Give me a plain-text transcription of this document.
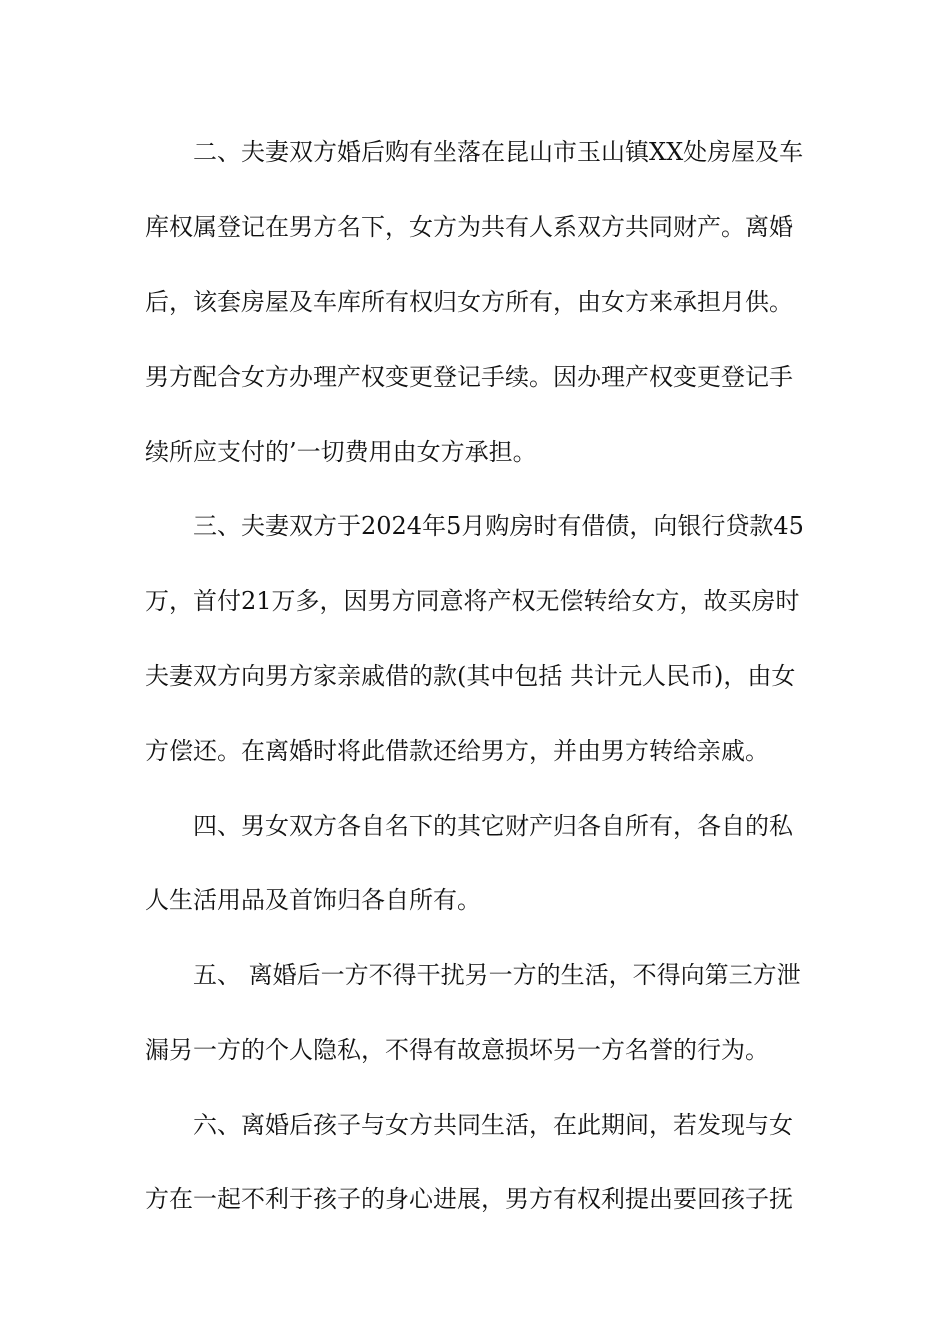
二、夫妻双方婚后购有坐落在昆山市玉山镇XX处房屋及车
库权属登记在男方名下，女方为共有人系双方共同财产。离婚
后，该套房屋及车库所有权归女方所有，由女方来承担月供。
男方配合女方办理产权变更登记手续。因办理产权变更登记手
续所应支付的’一切费用由女方承担。
三、夫妻双方于2024年5月购房时有借债，向银行贷款45
万，首付21万多，因男方同意将产权无偿转给女方，故买房时
夫妻双方向男方家亲戚借的款(其中包括 共计元人民币)，由女
方偿还。在离婚时将此借款还给男方，并由男方转给亲戚。
四、男女双方各自名下的其它财产归各自所有，各自的私
人生活用品及首饰归各自所有。
五、 离婚后一方不得干扰另一方的生活，不得向第三方泄
漏另一方的个人隐私，不得有故意损坏另一方名誉的行为。
六、离婚后孩子与女方共同生活，在此期间，若发现与女
方在一起不利于孩子的身心进展，男方有权利提出要回孩子抚
